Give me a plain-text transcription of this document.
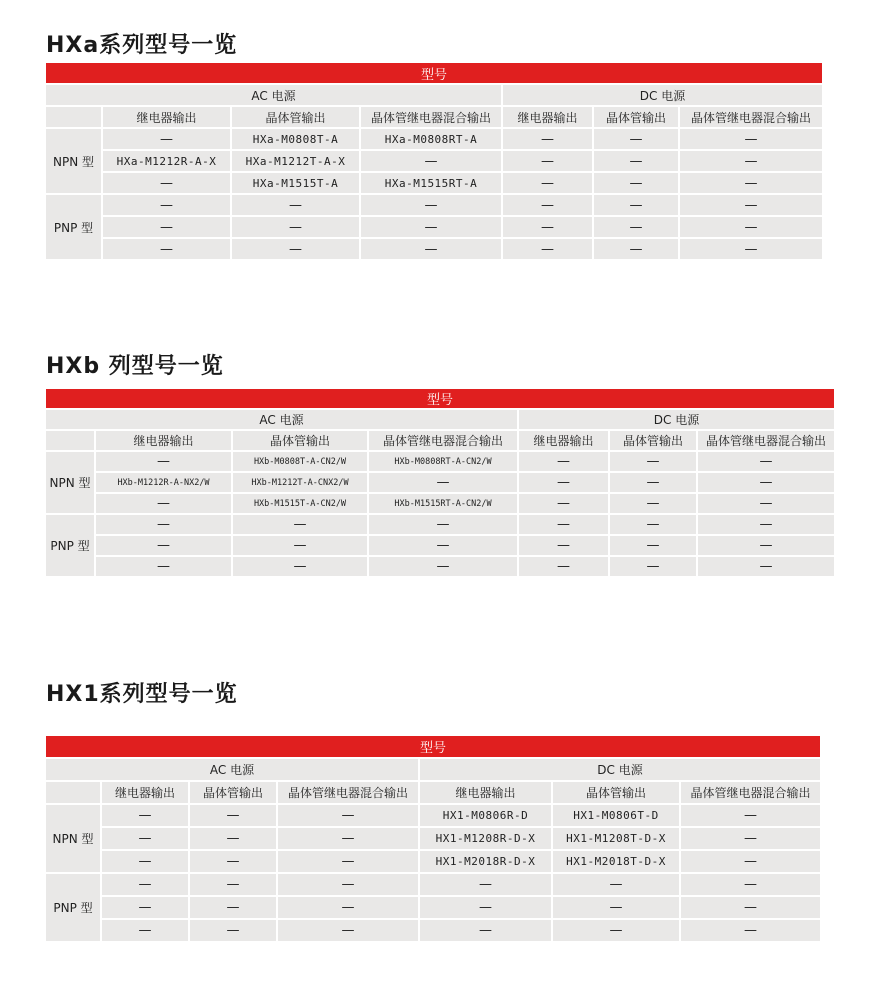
HXa系列型号一览
型号						
AC 电源				DC 电源		
	继电器输出	晶体管输出	晶体管继电器混合输出	继电器输出	晶体管输出	晶体管继电器混合输出
NPN 型	—	HXa-M0808T-A	HXa-M0808RT-A	—	—	—
	HXa-M1212R-A-X	HXa-M1212T-A-X	—	—	—	—
	—	HXa-M1515T-A	HXa-M1515RT-A	—	—	—
PNP 型	—	—	—	—	—	—
	—	—	—	—	—	—
	—	—	—	—	—	—
HXb 列型号一览
型号						
AC 电源				DC 电源		
	继电器输出	晶体管输出	晶体管继电器混合输出	继电器输出	晶体管输出	晶体管继电器混合输出
NPN 型	—	HXb-M0808T-A-CN2/W	HXb-M0808RT-A-CN2/W	—	—	—
	HXb-M1212R-A-NX2/W	HXb-M1212T-A-CNX2/W	—	—	—	—
	—	HXb-M1515T-A-CN2/W	HXb-M1515RT-A-CN2/W	—	—	—
PNP 型	—	—	—	—	—	—
	—	—	—	—	—	—
	—	—	—	—	—	—
HX1系列型号一览
型号						
AC 电源				DC 电源		
	继电器输出	晶体管输出	晶体管继电器混合输出	继电器输出	晶体管输出	晶体管继电器混合输出
NPN 型	—	—	—	HX1-M0806R-D	HX1-M0806T-D	—
	—	—	—	HX1-M1208R-D-X	HX1-M1208T-D-X	—
	—	—	—	HX1-M2018R-D-X	HX1-M2018T-D-X	—
PNP 型	—	—	—	—	—	—
	—	—	—	—	—	—
	—	—	—	—	—	—
